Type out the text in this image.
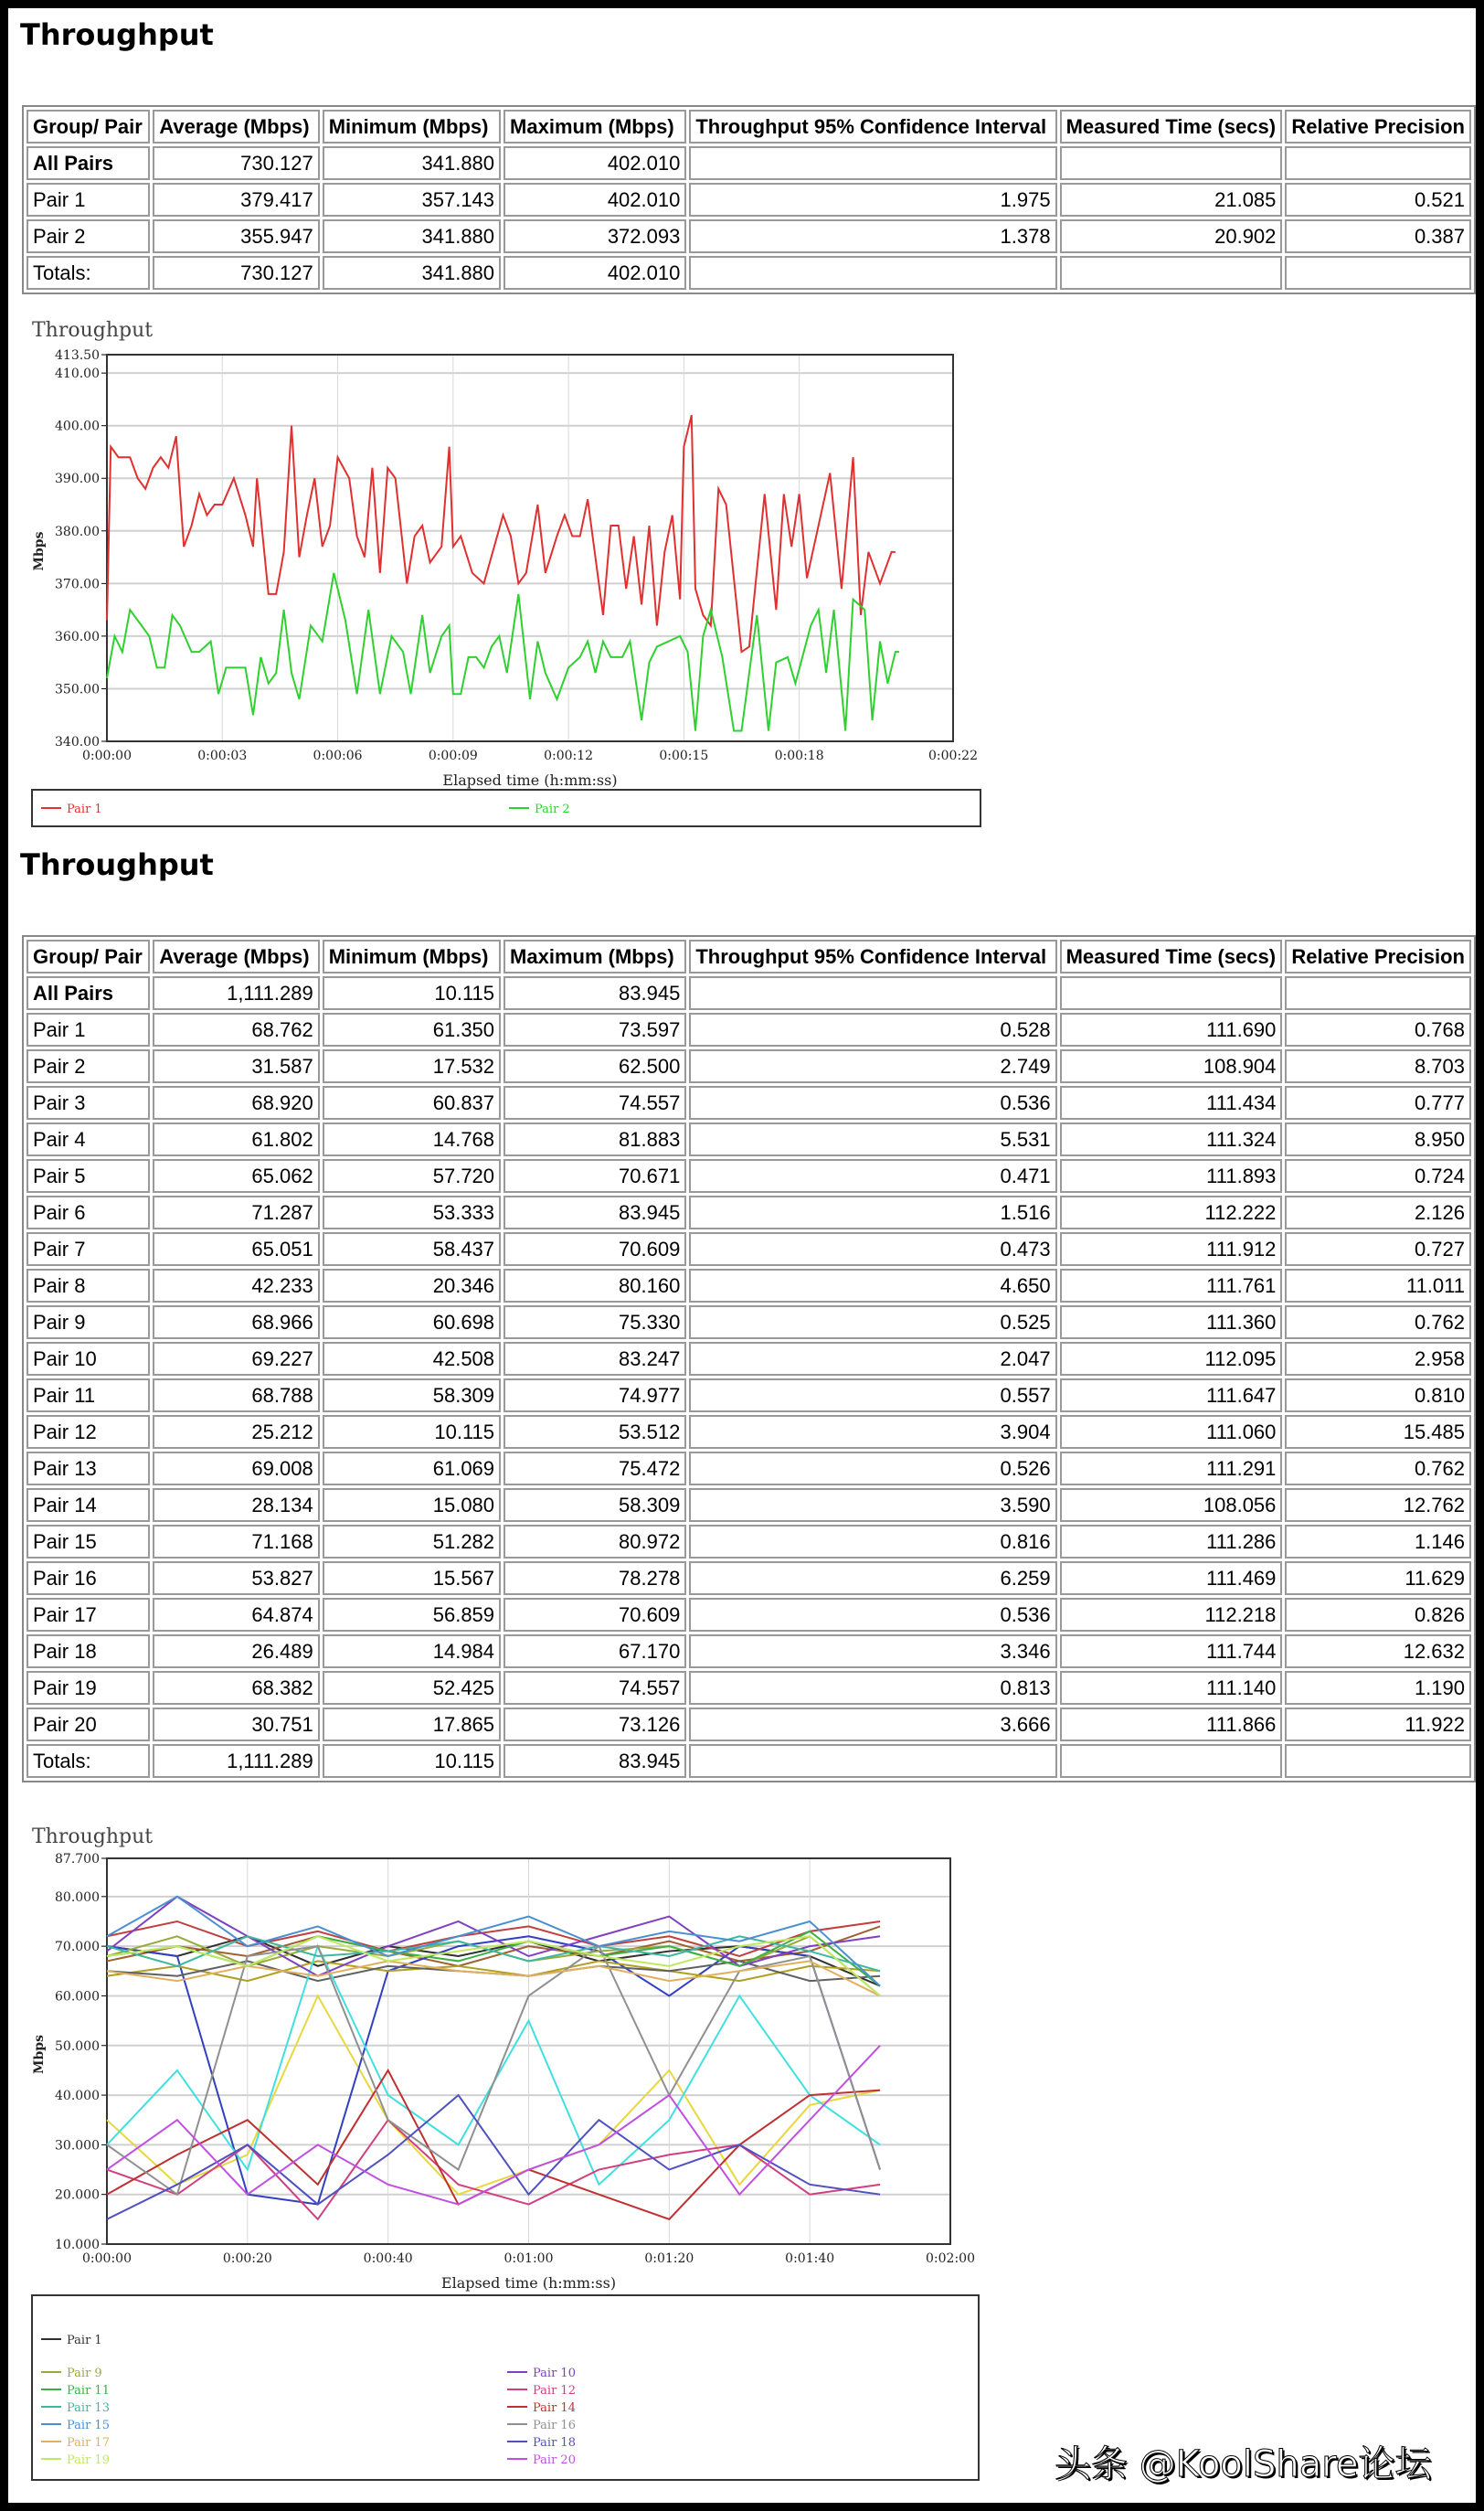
Throughput
Group/ Pair	Average (Mbps)	Minimum (Mbps)	Maximum (Mbps)	Throughput 95% Confidence Interval	Measured Time (secs)	Relative Precision
All Pairs	730.127	341.880	402.010			
Pair 1	379.417	357.143	402.010	1.975	21.085	0.521
Pair 2	355.947	341.880	372.093	1.378	20.902	0.387
Totals:	730.127	341.880	402.010			
Throughput
340.00
350.00
360.00
370.00
380.00
390.00
400.00
410.00
413.50
0:00:00	0:00:03	0:00:06	0:00:09	0:00:12	0:00:15	0:00:18	0:00:22
Elapsed time (h:mm:ss)
Mbps
Pair 1	Pair 2
Throughput
Group/ Pair	Average (Mbps)	Minimum (Mbps)	Maximum (Mbps)	Throughput 95% Confidence Interval	Measured Time (secs)	Relative Precision
All Pairs	1,111.289	10.115	83.945			
Pair 1	68.762	61.350	73.597	0.528	111.690	0.768
Pair 2	31.587	17.532	62.500	2.749	108.904	8.703
Pair 3	68.920	60.837	74.557	0.536	111.434	0.777
Pair 4	61.802	14.768	81.883	5.531	111.324	8.950
Pair 5	65.062	57.720	70.671	0.471	111.893	0.724
Pair 6	71.287	53.333	83.945	1.516	112.222	2.126
Pair 7	65.051	58.437	70.609	0.473	111.912	0.727
Pair 8	42.233	20.346	80.160	4.650	111.761	11.011
Pair 9	68.966	60.698	75.330	0.525	111.360	0.762
Pair 10	69.227	42.508	83.247	2.047	112.095	2.958
Pair 11	68.788	58.309	74.977	0.557	111.647	0.810
Pair 12	25.212	10.115	53.512	3.904	111.060	15.485
Pair 13	69.008	61.069	75.472	0.526	111.291	0.762
Pair 14	28.134	15.080	58.309	3.590	108.056	12.762
Pair 15	71.168	51.282	80.972	0.816	111.286	1.146
Pair 16	53.827	15.567	78.278	6.259	111.469	11.629
Pair 17	64.874	56.859	70.609	0.536	112.218	0.826
Pair 18	26.489	14.984	67.170	3.346	111.744	12.632
Pair 19	68.382	52.425	74.557	0.813	111.140	1.190
Pair 20	30.751	17.865	73.126	3.666	111.866	11.922
Totals:	1,111.289	10.115	83.945			
Throughput
10.000
20.000
30.000
40.000
50.000
60.000
70.000
80.000
87.700
0:00:00	0:00:20	0:00:40	0:01:00	0:01:20	0:01:40	0:02:00
Elapsed time (h:mm:ss)
Mbps
Pair 1
Pair 9	Pair 10
Pair 11	Pair 12
Pair 13	Pair 14
Pair 15	Pair 16
Pair 17	Pair 18
Pair 19	Pair 20	头条 @KoolShare论坛
